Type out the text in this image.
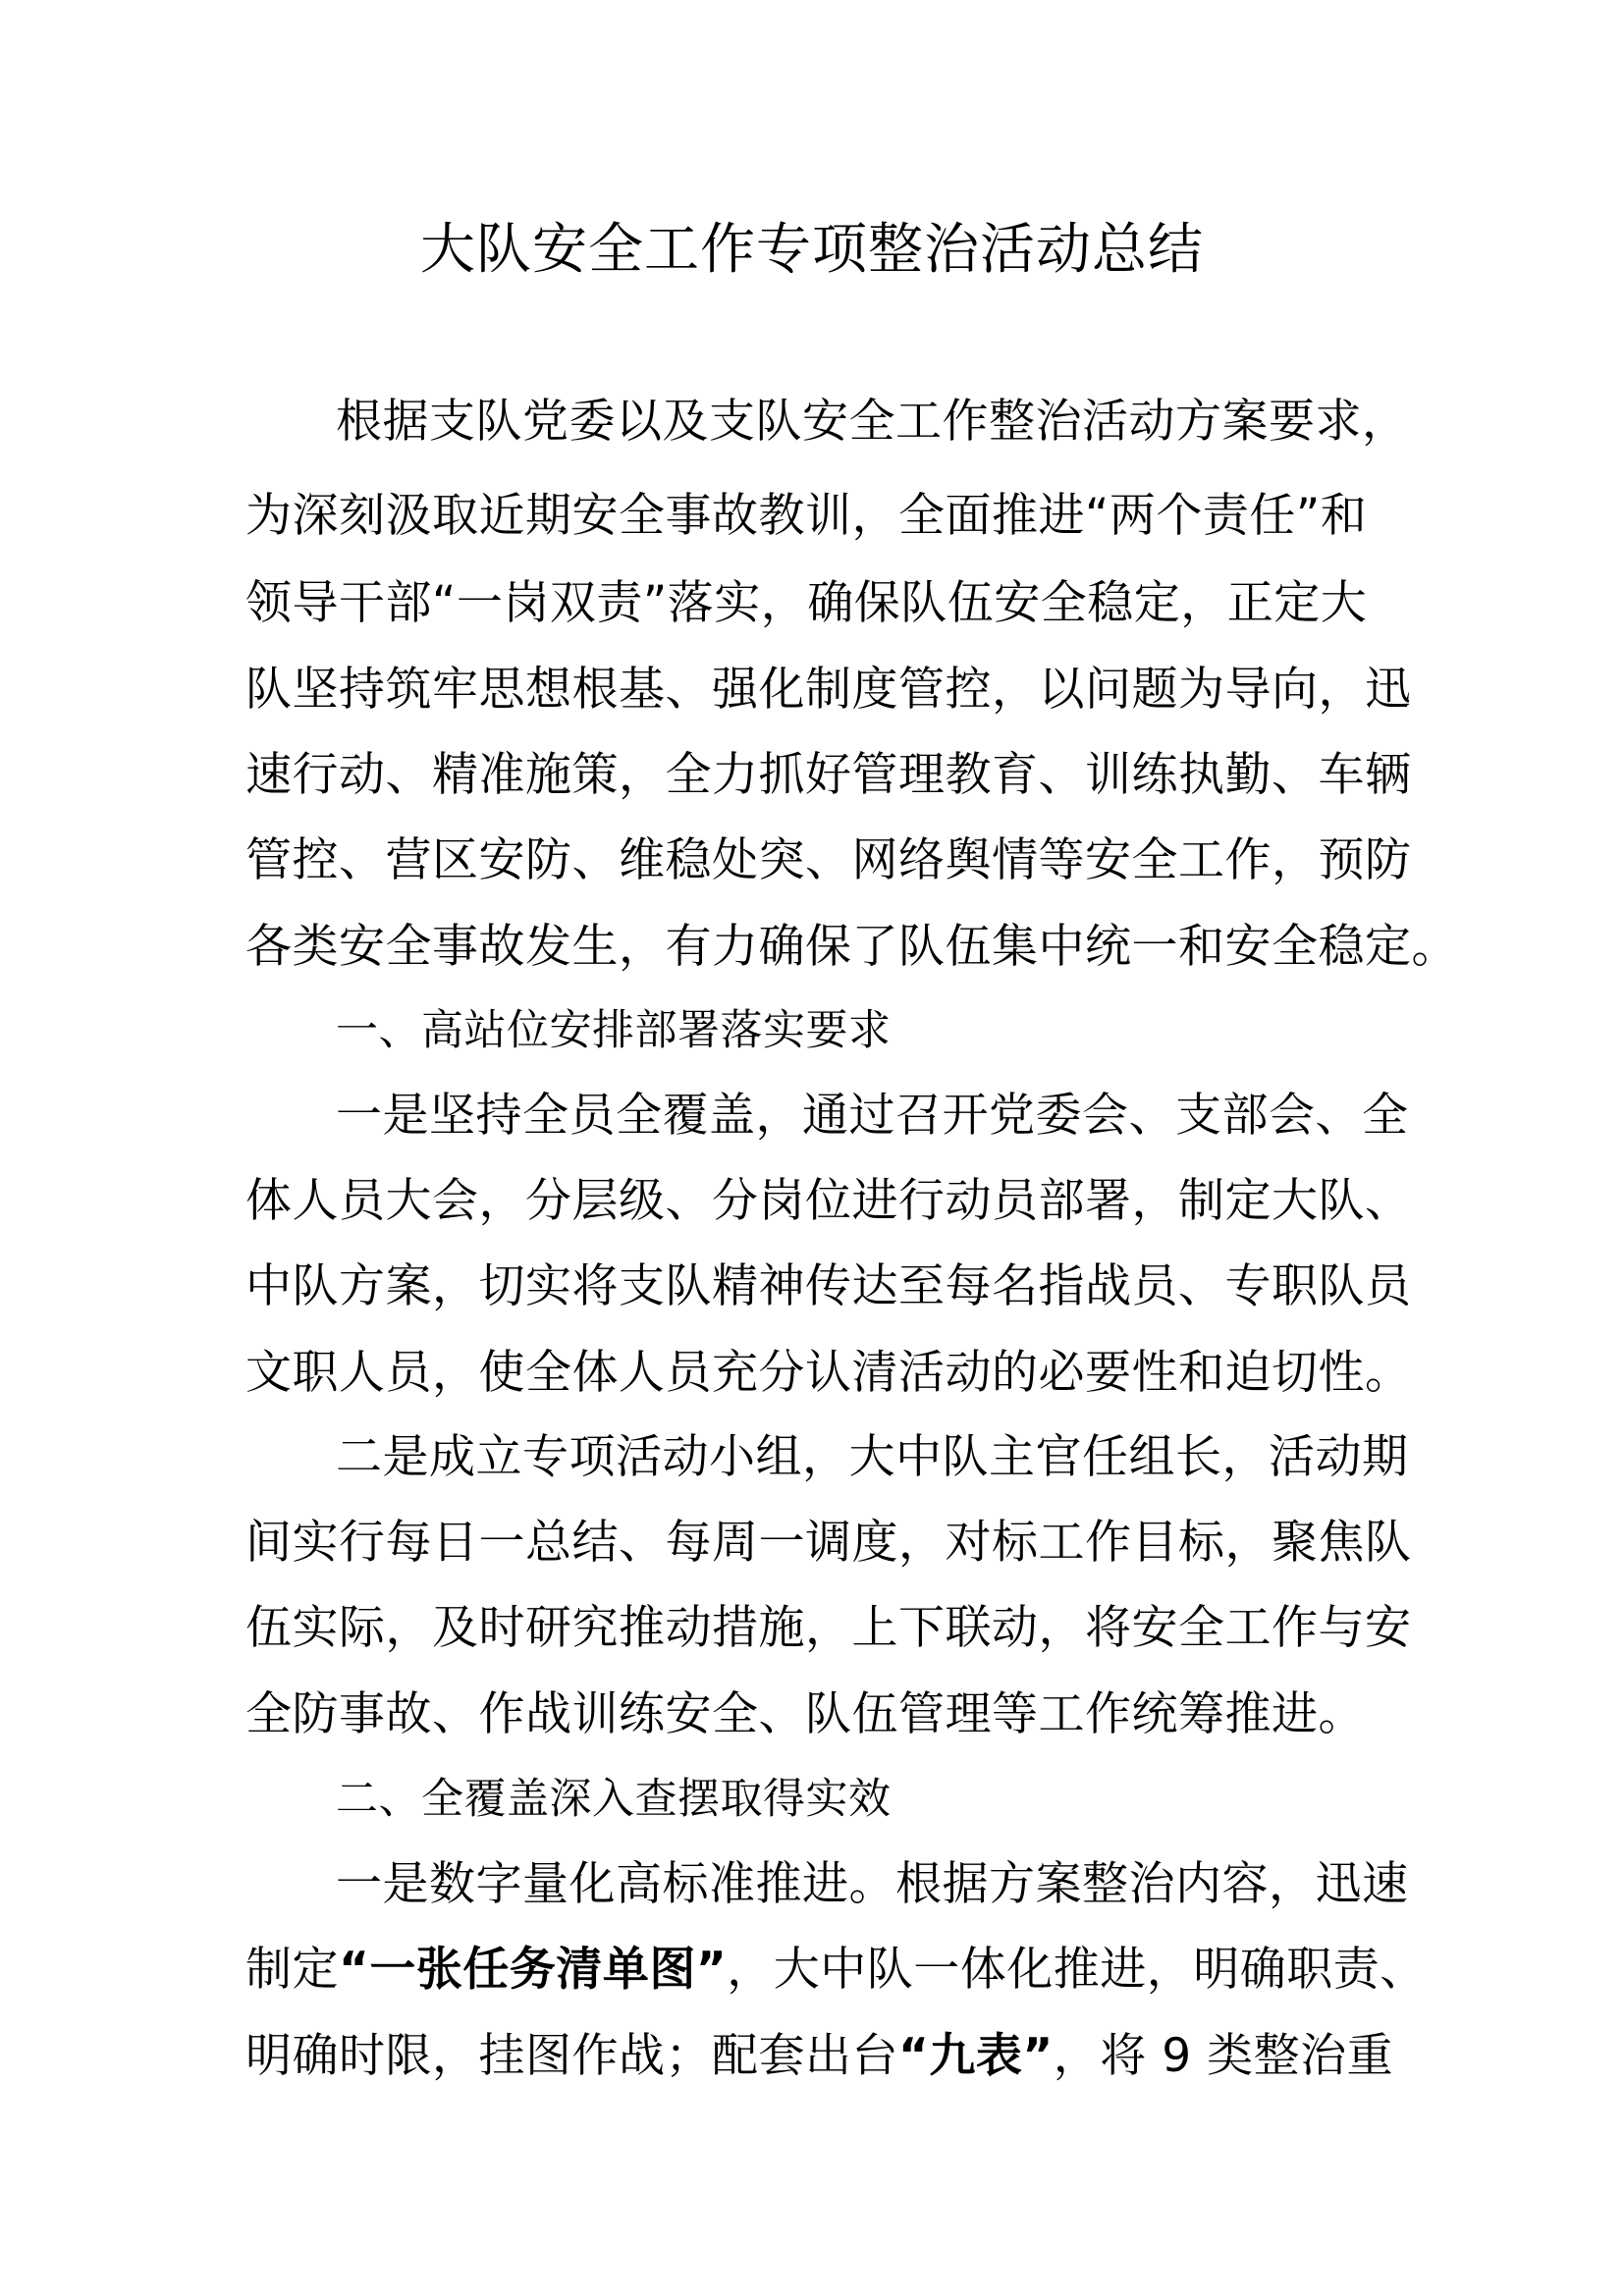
大队安全工作专项整治活动总结
根据支队党委以及支队安全工作整治活动方案要求，
为深刻汲取近期安全事故教训，全面推进“两个责任”和
领导干部“一岗双责”落实，确保队伍安全稳定，正定大
队坚持筑牢思想根基、强化制度管控，以问题为导向，迅
速行动、精准施策，全力抓好管理教育、训练执勤、车辆
管控、营区安防、维稳处突、网络舆情等安全工作，预防
各类安全事故发生，有力确保了队伍集中统一和安全稳定。
一、高站位安排部署落实要求
一是坚持全员全覆盖，通过召开党委会、支部会、全
体人员大会，分层级、分岗位进行动员部署，制定大队、
中队方案，切实将支队精神传达至每名指战员、专职队员
文职人员，使全体人员充分认清活动的必要性和迫切性。
二是成立专项活动小组，大中队主官任组长，活动期
间实行每日一总结、每周一调度，对标工作目标，聚焦队
伍实际，及时研究推动措施，上下联动，将安全工作与安
全防事故、作战训练安全、队伍管理等工作统筹推进。
二、全覆盖深入查摆取得实效
一是数字量化高标准推进。根据方案整治内容，迅速
制定“一张任务清单图”，大中队一体化推进，明确职责、
明确时限，挂图作战；配套出台“九表”，将 9 类整治重
